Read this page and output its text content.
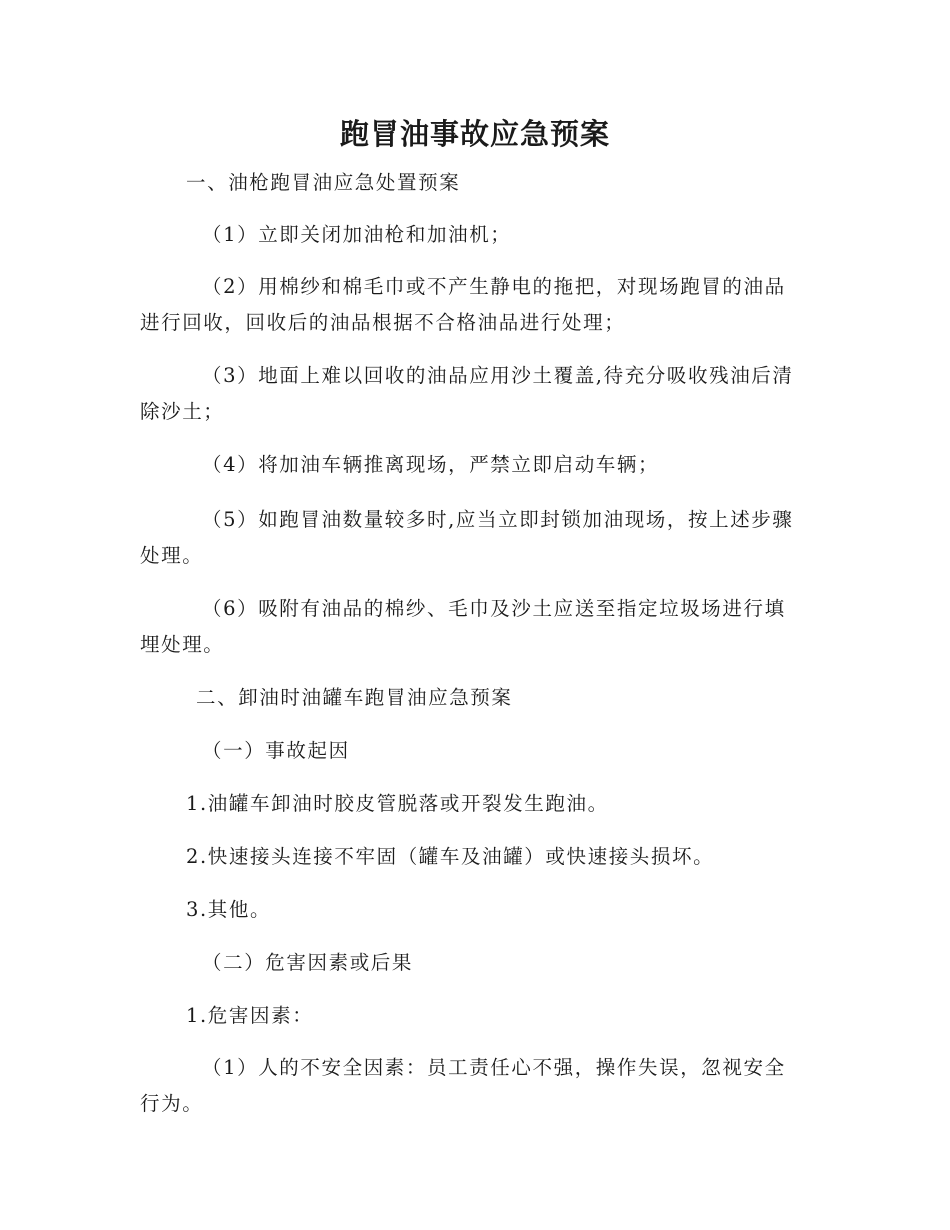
跑冒油事故应急预案
一、油枪跑冒油应急处置预案
（1）立即关闭加油枪和加油机；
（2）用棉纱和棉毛巾或不产生静电的拖把，对现场跑冒的油品
进行回收，回收后的油品根据不合格油品进行处理；
（3）地面上难以回收的油品应用沙土覆盖,待充分吸收残油后清
除沙土；
（4）将加油车辆推离现场，严禁立即启动车辆；
（5）如跑冒油数量较多时,应当立即封锁加油现场，按上述步骤
处理。
（6）吸附有油品的棉纱、毛巾及沙土应送至指定垃圾场进行填
埋处理。
二、卸油时油罐车跑冒油应急预案
（一）事故起因
1.油罐车卸油时胶皮管脱落或开裂发生跑油。
2.快速接头连接不牢固（罐车及油罐）或快速接头损坏。
3.其他。
（二）危害因素或后果
1.危害因素：
（1）人的不安全因素：员工责任心不强，操作失误，忽视安全
行为。
